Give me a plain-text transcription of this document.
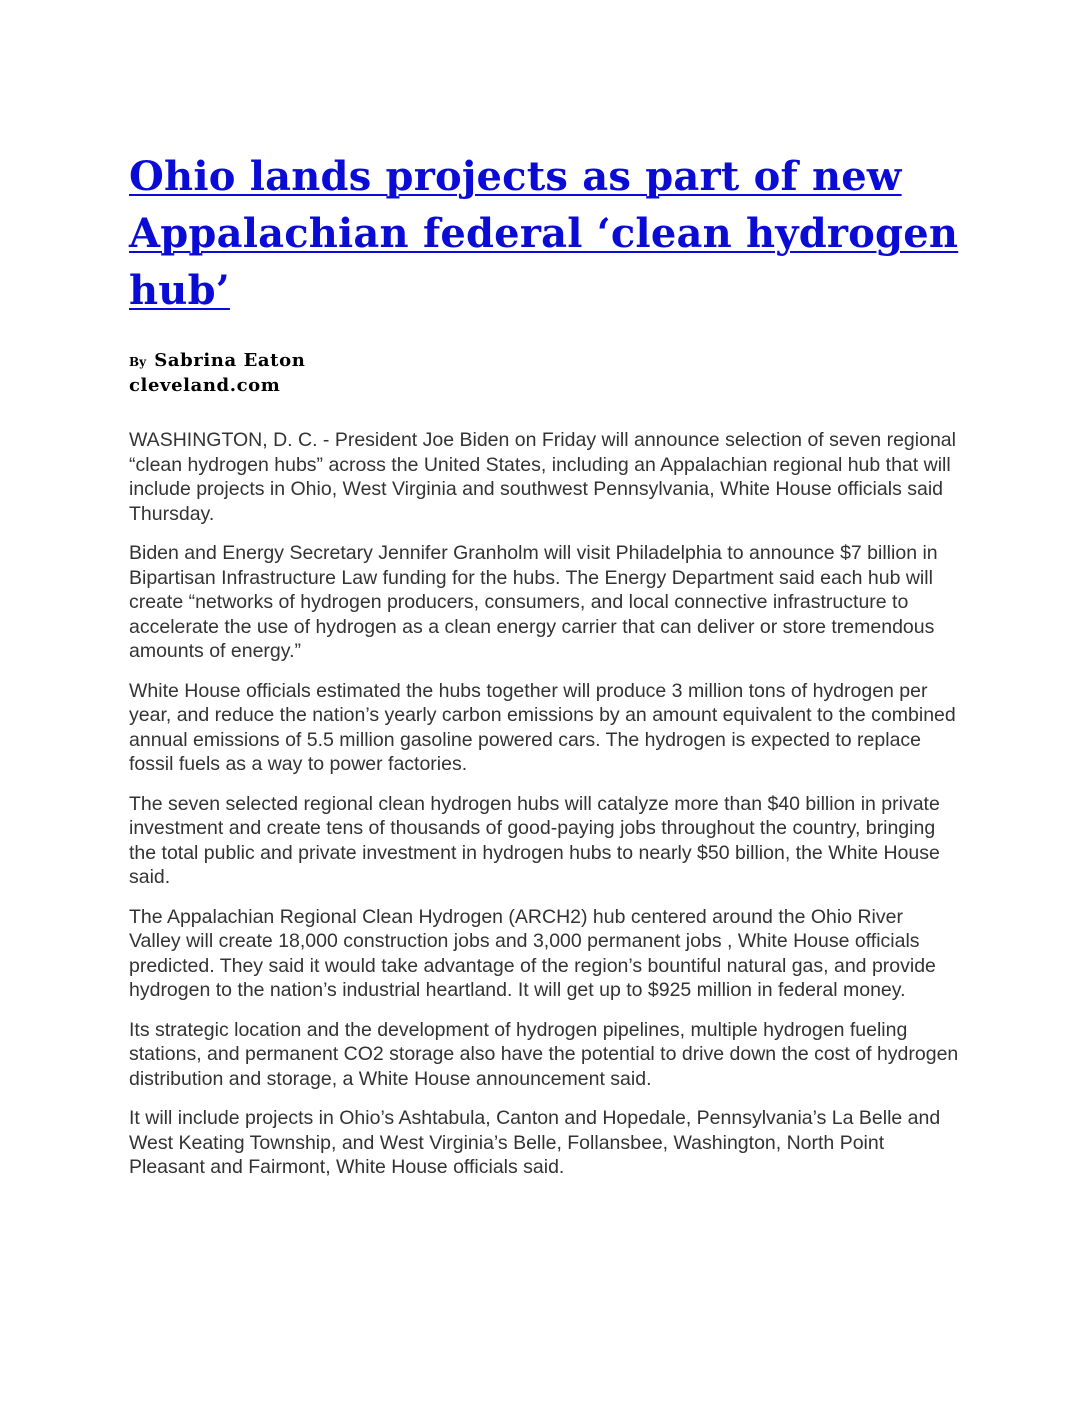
Ohio lands projects as part of new Appalachian federal ‘clean hydrogen hub’
By Sabrina Eaton
cleveland.com

WASHINGTON, D. C. - President Joe Biden on Friday will announce selection of seven regional “clean hydrogen hubs” across the United States, including an Appalachian regional hub that will include projects in Ohio, West Virginia and southwest Pennsylvania, White House officials said Thursday.

Biden and Energy Secretary Jennifer Granholm will visit Philadelphia to announce $7 billion in Bipartisan Infrastructure Law funding for the hubs. The Energy Department said each hub will create “networks of hydrogen producers, consumers, and local connective infrastructure to accelerate the use of hydrogen as a clean energy carrier that can deliver or store tremendous amounts of energy.”

White House officials estimated the hubs together will produce 3 million tons of hydrogen per year, and reduce the nation’s yearly carbon emissions by an amount equivalent to the combined annual emissions of 5.5 million gasoline powered cars. The hydrogen is expected to replace fossil fuels as a way to power factories.

The seven selected regional clean hydrogen hubs will catalyze more than $40 billion in private investment and create tens of thousands of good-paying jobs throughout the country, bringing the total public and private investment in hydrogen hubs to nearly $50 billion, the White House said.

The Appalachian Regional Clean Hydrogen (ARCH2) hub centered around the Ohio River Valley will create 18,000 construction jobs and 3,000 permanent jobs , White House officials predicted. They said it would take advantage of the region’s bountiful natural gas, and provide hydrogen to the nation’s industrial heartland. It will get up to $925 million in federal money.

Its strategic location and the development of hydrogen pipelines, multiple hydrogen fueling stations, and permanent CO2 storage also have the potential to drive down the cost of hydrogen distribution and storage, a White House announcement said.

It will include projects in Ohio’s Ashtabula, Canton and Hopedale, Pennsylvania’s La Belle and West Keating Township, and West Virginia’s Belle, Follansbee, Washington, North Point Pleasant and Fairmont, White House officials said.
